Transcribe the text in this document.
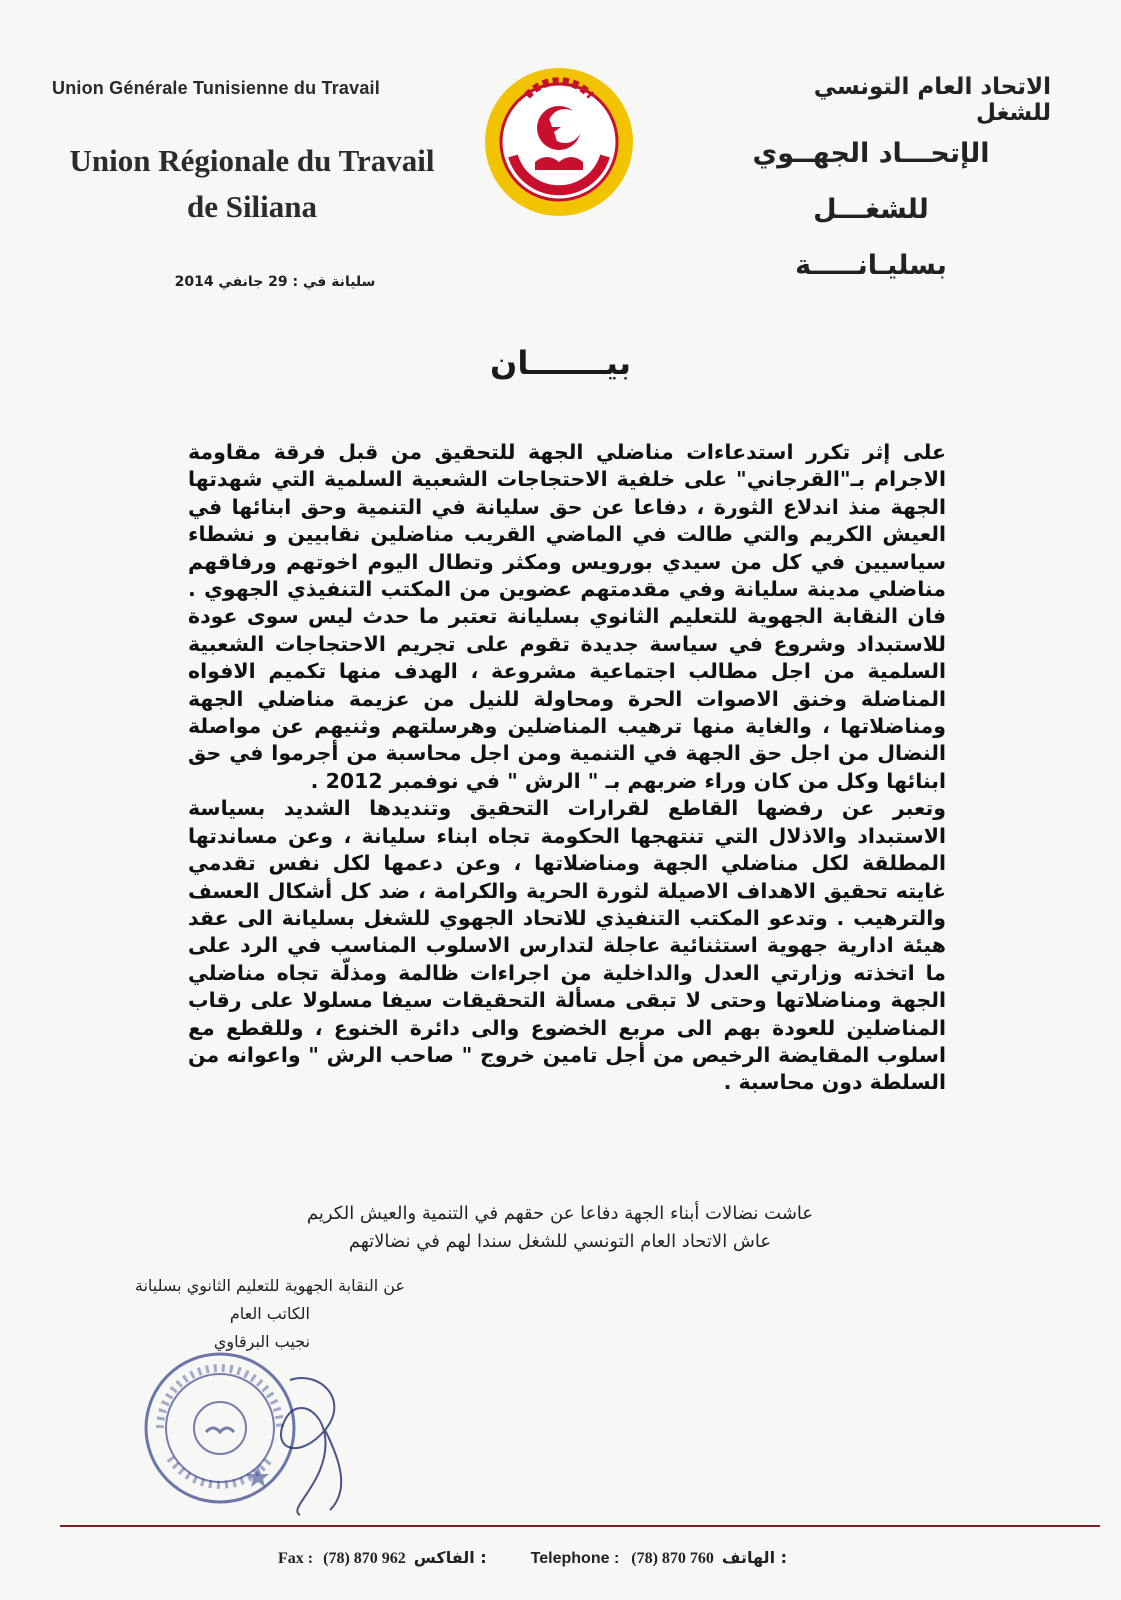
Union Générale Tunisienne du Travail
Union Régionale du Travail
de Siliana
الاتحاد العام التونسي للشغل
الإتحـــاد الجهــوي للشغـــل
بسليـانـــــة
سليانة في : 29 جانفي 2014
بيـــــــان

على إثر تكرر استدعاءات مناضلي الجهة للتحقيق من قبل فرقة مقاومة الاجرام بـ"القرجاني" على خلفية الاحتجاجات الشعبية السلمية التي شهدتها الجهة منذ اندلاع الثورة ، دفاعا عن حق سليانة في التنمية وحق ابنائها في العيش الكريم والتي طالت في الماضي القريب مناضلين نقابيين و نشطاء سياسيين في كل من سيدي بورويس ومكثر وتطال اليوم اخوتهم ورفاقهم مناضلي مدينة سليانة وفي مقدمتهم عضوين من المكتب التنفيذي الجهوي . فان النقابة الجهوية للتعليم الثانوي بسليانة تعتبر ما حدث ليس سوى عودة للاستبداد وشروع في سياسة جديدة تقوم على تجريم الاحتجاجات الشعبية السلمية من اجل مطالب اجتماعية مشروعة ، الهدف منها تكميم الافواه المناضلة وخنق الاصوات الحرة ومحاولة للنيل من عزيمة مناضلي الجهة ومناضلاتها ، والغاية منها ترهيب المناضلين وهرسلتهم وثنيهم عن مواصلة النضال من اجل حق الجهة في التنمية ومن اجل محاسبة من أجرموا في حق ابنائها وكل من كان وراء ضربهم بـ " الرش " في نوفمبر 2012 .

وتعبر عن رفضها القاطع لقرارات التحقيق وتنديدها الشديد بسياسة الاستبداد والاذلال التي تنتهجها الحكومة تجاه ابناء سليانة ، وعن مساندتها المطلقة لكل مناضلي الجهة ومناضلاتها ، وعن دعمها لكل نفس تقدمي غايته تحقيق الاهداف الاصيلة لثورة الحرية والكرامة ، ضد كل أشكال العسف والترهيب . وتدعو المكتب التنفيذي للاتحاد الجهوي للشغل بسليانة الى عقد هيئة ادارية جهوية استثنائية عاجلة لتدارس الاسلوب المناسب في الرد على ما اتخذته وزارتي العدل والداخلية من اجراءات ظالمة ومذلّة تجاه مناضلي الجهة ومناضلاتها وحتى لا تبقى مسألة التحقيقات سيفا مسلولا على رقاب المناضلين للعودة بهم الى مربع الخضوع والى دائرة الخنوع ، وللقطع مع اسلوب المقايضة الرخيص من أجل تامين خروج " صاحب الرش " واعوانه من السلطة دون محاسبة .

عاشت نضالات أبناء الجهة دفاعا عن حقهم في التنمية والعيش الكريم
عاش الاتحاد العام التونسي للشغل سندا لهم في نضالاتهم
عن النقابة الجهوية للتعليم الثانوي بسليانة
الكاتب العام
نجيب البرقاوي
Fax : (78) 870 962 : الفاكس	Telephone : (78) 870 760 : الهاتف
